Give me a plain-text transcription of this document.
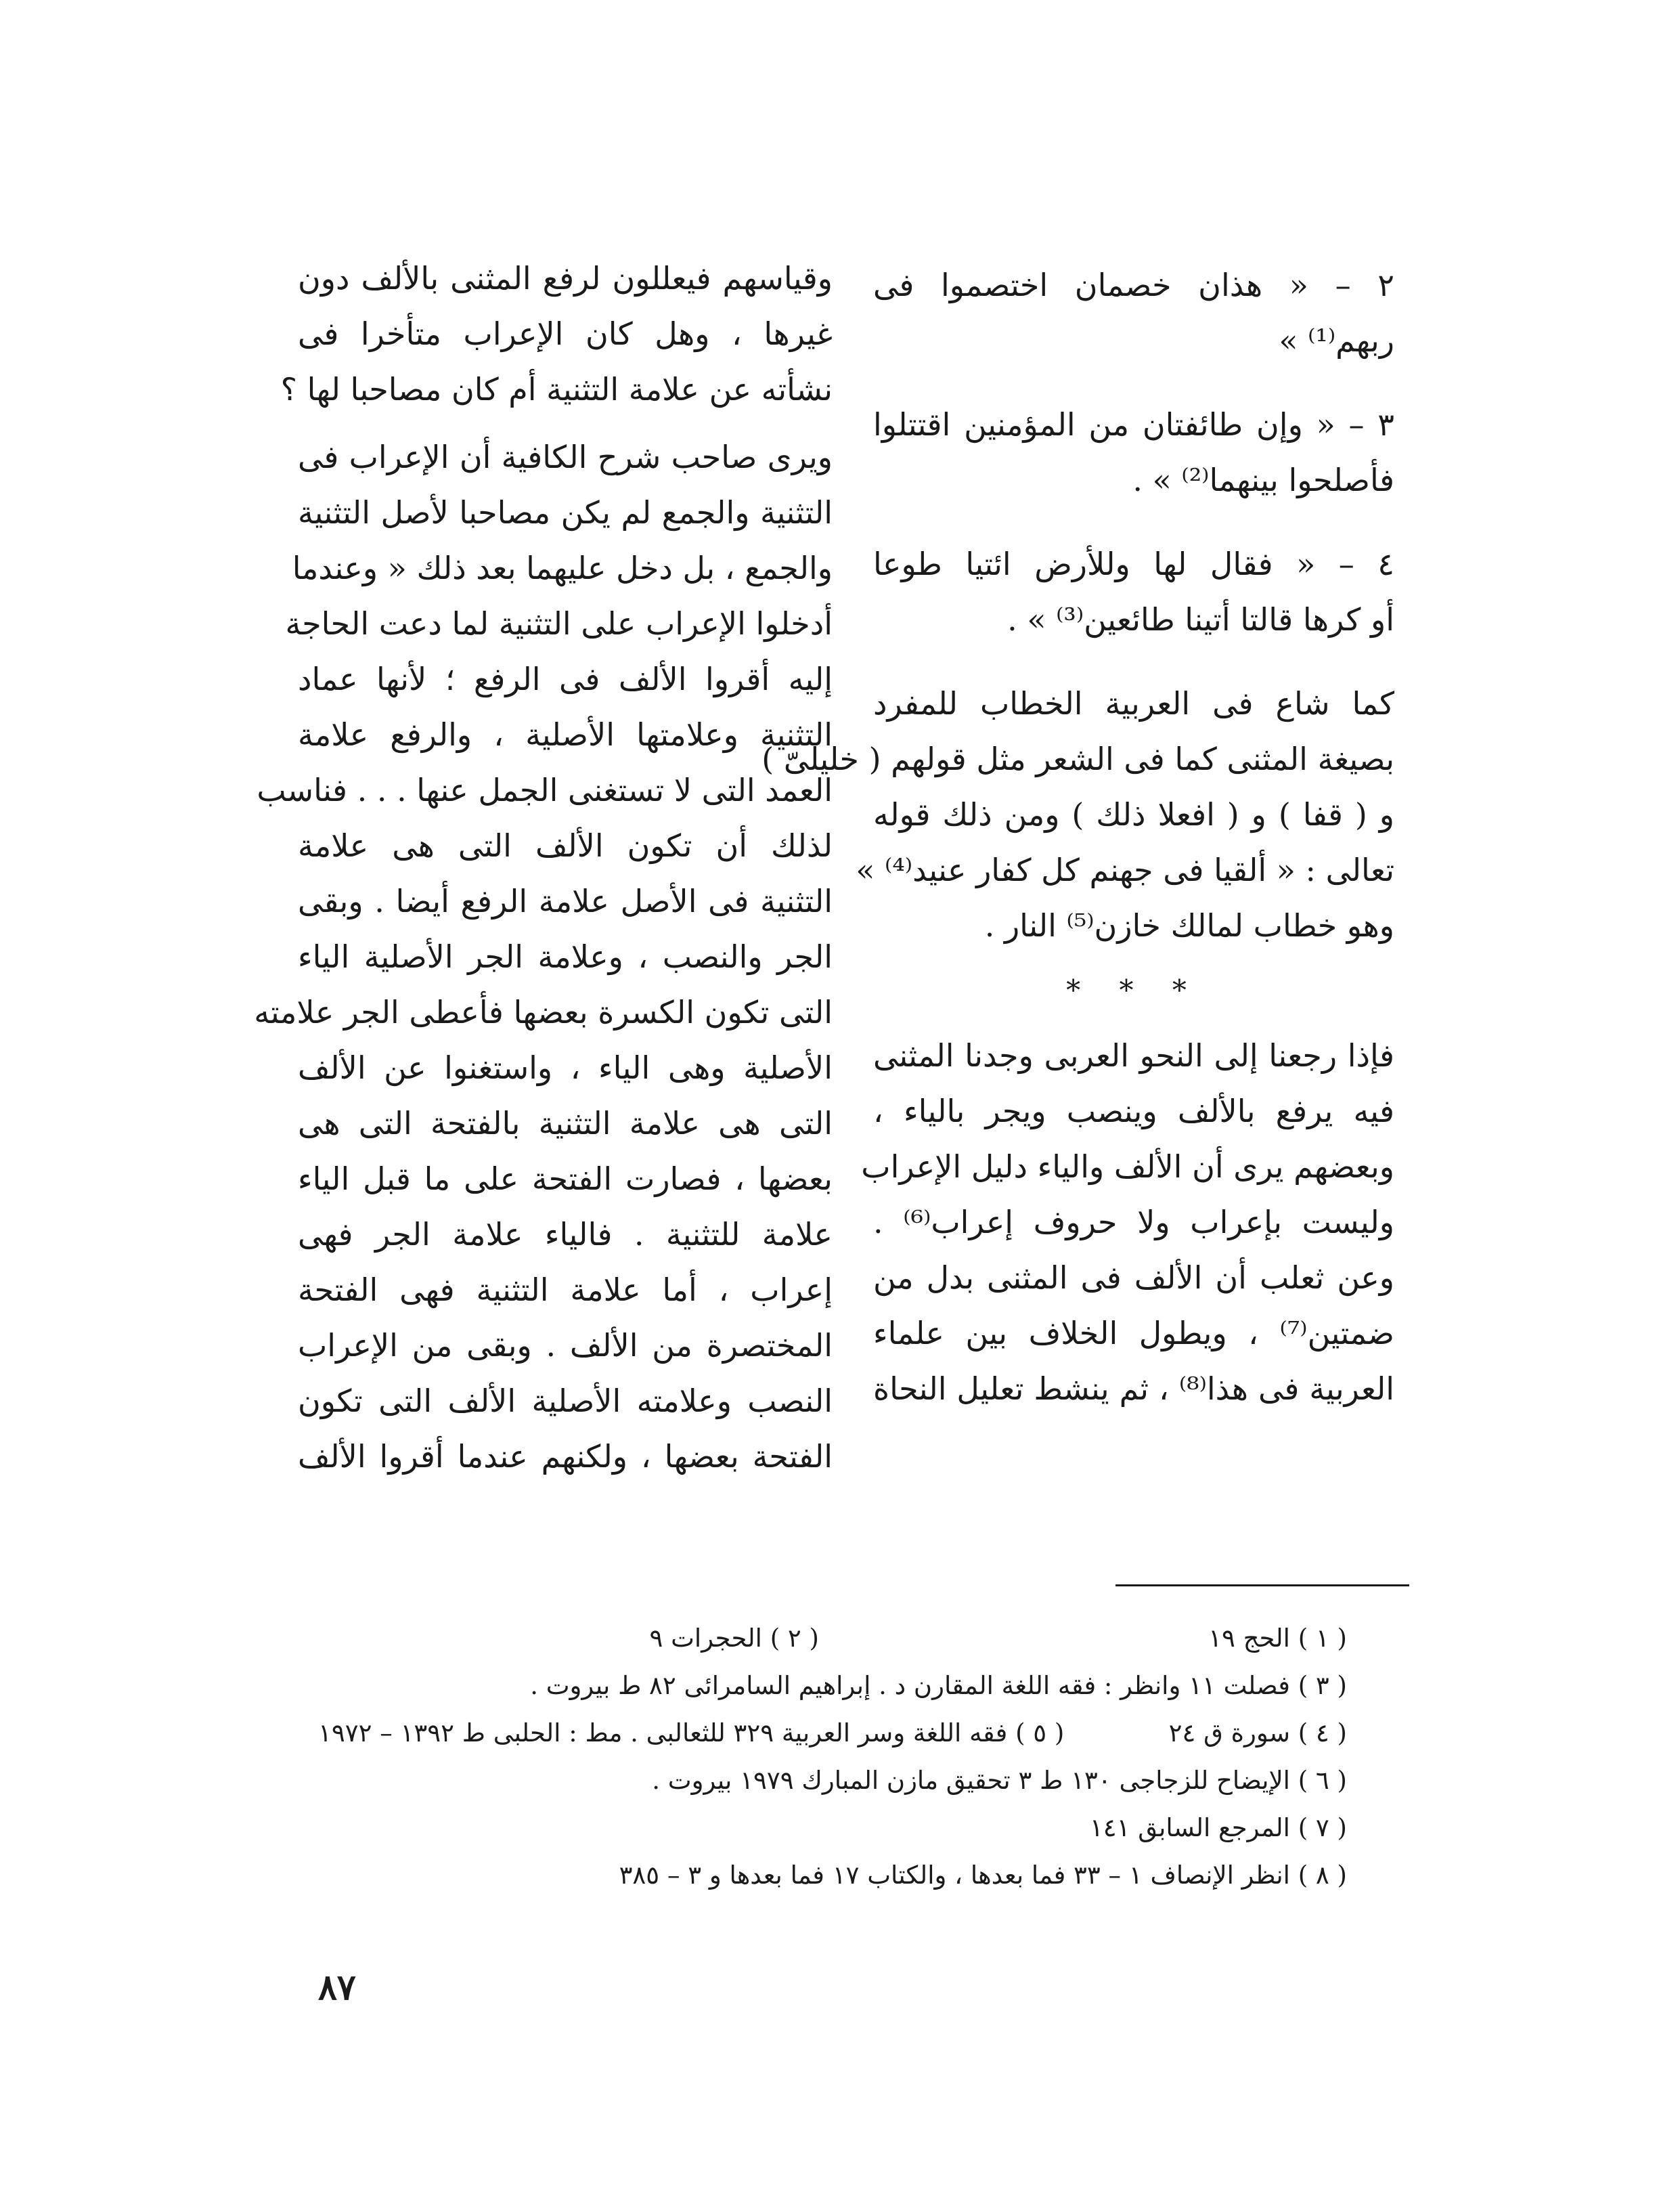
٢ – « هذان خصمان اختصموا فى
ربهم⁽¹⁾ »
٣ – « وإن طائفتان من المؤمنين اقتتلوا
فأصلحوا بينهما⁽²⁾ » .
٤ – « فقال لها وللأرض ائتيا طوعا
أو كرها قالتا أتينا طائعين⁽³⁾ » .
كما شاع فى العربية الخطاب للمفرد
بصيغة المثنى كما فى الشعر مثل قولهم ( خليلىّ )
و ( قفا ) و ( افعلا ذلك ) ومن ذلك قوله
تعالى : « ألقيا فى جهنم كل كفار عنيد⁽⁴⁾ »
وهو خطاب لمالك خازن⁽⁵⁾ النار .
* * *
فإذا رجعنا إلى النحو العربى وجدنا المثنى
فيه يرفع بالألف وينصب ويجر بالياء ،
وبعضهم يرى أن الألف والياء دليل الإعراب
وليست بإعراب ولا حروف إعراب⁽⁶⁾ .
وعن ثعلب أن الألف فى المثنى بدل من
ضمتين⁽⁷⁾ ، ويطول الخلاف بين علماء
العربية فى هذا⁽⁸⁾ ، ثم ينشط تعليل النحاة
وقياسهم فيعللون لرفع المثنى بالألف دون
غيرها ، وهل كان الإعراب متأخرا فى
نشأته عن علامة التثنية أم كان مصاحبا لها ؟
ويرى صاحب شرح الكافية أن الإعراب فى
التثنية والجمع لم يكن مصاحبا لأصل التثنية
والجمع ، بل دخل عليهما بعد ذلك « وعندما
أدخلوا الإعراب على التثنية لما دعت الحاجة
إليه أقروا الألف فى الرفع ؛ لأنها عماد
التثنية وعلامتها الأصلية ، والرفع علامة
العمد التى لا تستغنى الجمل عنها . . . فناسب
لذلك أن تكون الألف التى هى علامة
التثنية فى الأصل علامة الرفع أيضا . وبقى
الجر والنصب ، وعلامة الجر الأصلية الياء
التى تكون الكسرة بعضها فأعطى الجر علامته
الأصلية وهى الياء ، واستغنوا عن الألف
التى هى علامة التثنية بالفتحة التى هى
بعضها ، فصارت الفتحة على ما قبل الياء
علامة للتثنية . فالياء علامة الجر فهى
إعراب ، أما علامة التثنية فهى الفتحة
المختصرة من الألف . وبقى من الإعراب
النصب وعلامته الأصلية الألف التى تكون
الفتحة بعضها ، ولكنهم عندما أقروا الألف
( ١ ) الحج ١٩
( ٢ ) الحجرات ٩
( ٣ ) فصلت ١١ وانظر : فقه اللغة المقارن د . إبراهيم السامرائى ٨٢ ط بيروت .
( ٤ ) سورة ق ٢٤
( ٥ ) فقه اللغة وسر العربية ٣٢٩ للثعالبى . مط : الحلبى ط ١٣٩٢ – ١٩٧٢
( ٦ ) الإيضاح للزجاجى ١٣٠ ط ٣ تحقيق مازن المبارك ١٩٧٩ بيروت .
( ٧ ) المرجع السابق ١٤١
( ٨ ) انظر الإنصاف ١ – ٣٣ فما بعدها ، والكتاب ١٧ فما بعدها و ٣ – ٣٨٥
٨٧
